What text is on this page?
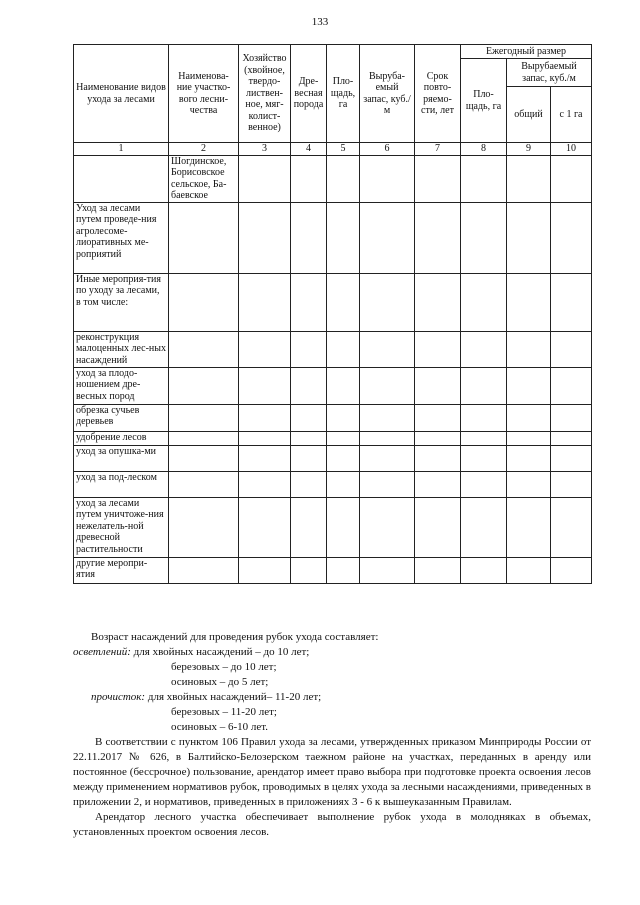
133
Наименование видов ухода за лесами	Наименова-ние участко-вого лесни-чества	Хозяйство (хвойное, твердо-листвен-ное, мяг-колист-венное)	Дре-весная порода	Пло-щадь, га	Выруба-емый запас, куб./м	Срок повто-ряемо-сти, лет	Ежегодный размер		
							Пло-щадь, га	Вырубаемый запас, куб./м	
								общий	с 1 га
1	2	3	4	5	6	7	8	9	10
	Шогдинское, Борисовское сельское, Ба-баевское								
Уход за лесами путем проведе-ния агролесоме-лиоративных ме-роприятий									
Иные мероприя-тия по уходу за лесами, в том числе:									
реконструкция малоценных лес-ных насаждений									
уход за плодо-ношением дре-весных пород									
обрезка сучьев деревьев									
удобрение лесов									
уход за опушка-ми									
уход за под-леском									
уход за лесами путем уничтоже-ния нежелатель-ной древесной растительности									
другие меропри-ятия									

Возраст насаждений для проведения рубок ухода составляет:

осветлений: для хвойных насаждений – до 10 лет;

березовых – до 10 лет;

осиновых – до 5 лет;

прочисток: для хвойных насаждений– 11-20 лет;

березовых – 11-20 лет;

осиновых – 6-10 лет.

В соответствии с пунктом 106 Правил ухода за лесами, утвержденных приказом Минприроды России от 22.11.2017 № 626, в Балтийско-Белозерском таежном районе на участках, переданных в аренду или постоянное (бессрочное) пользование, арендатор имеет право выбора при подготовке проекта освоения лесов между применением нормативов рубок, проводимых в целях ухода за лесными насаждениями, приведенных в приложении 2, и нормативов, приведенных в приложениях 3 - 6 к вышеуказанным Правилам.

Арендатор лесного участка обеспечивает выполнение рубок ухода в молодняках в объемах, установленных проектом освоения лесов.
